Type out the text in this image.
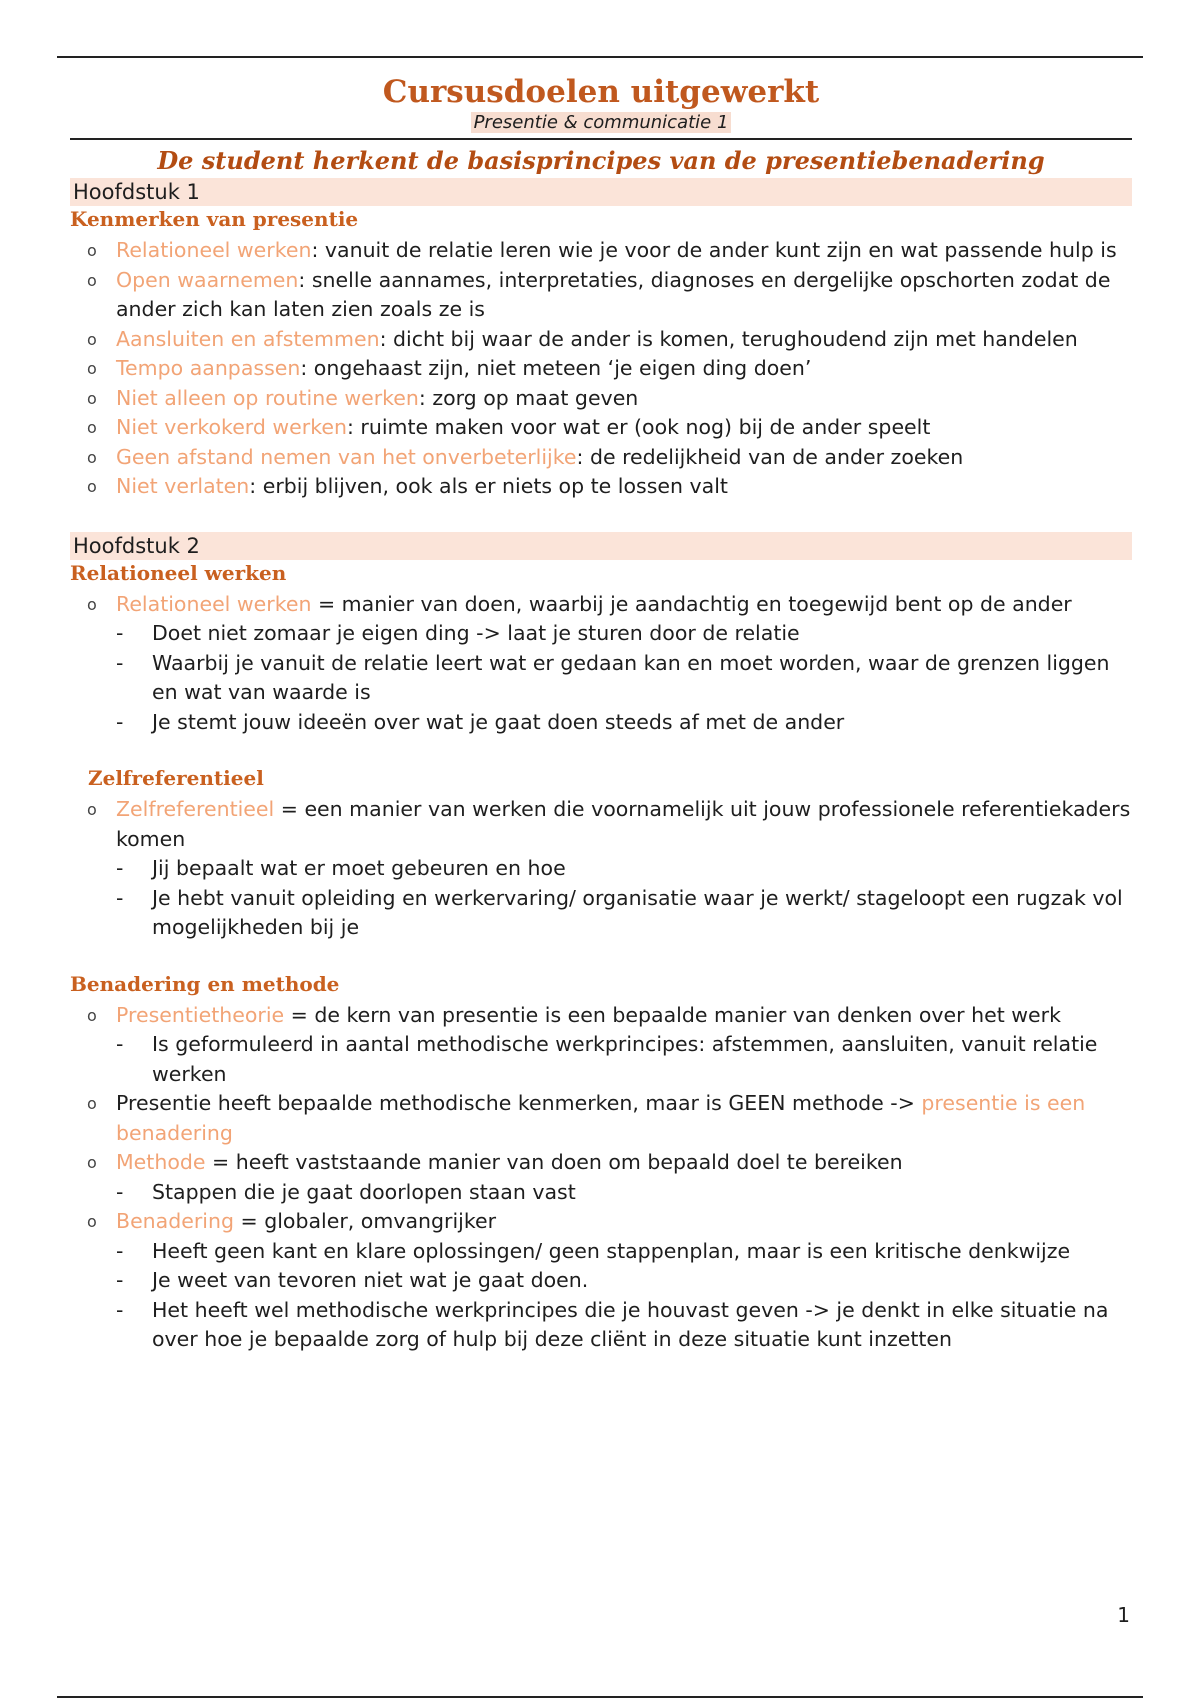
Cursusdoelen uitgewerkt

Presentie & communicatie 1

De student herkent de basisprincipes van de presentiebenadering

Hoofdstuk 1

Kenmerken van presentie

o Relationeel werken: vanuit de relatie leren wie je voor de ander kunt zijn en wat passende hulp is
o Open waarnemen: snelle aannames, interpretaties, diagnoses en dergelijke opschorten zodat de ander zich kan laten zien zoals ze is
o Aansluiten en afstemmen: dicht bij waar de ander is komen, terughoudend zijn met handelen
o Tempo aanpassen: ongehaast zijn, niet meteen ‘je eigen ding doen’
o Niet alleen op routine werken: zorg op maat geven
o Niet verkokerd werken: ruimte maken voor wat er (ook nog) bij de ander speelt
o Geen afstand nemen van het onverbeterlijke: de redelijkheid van de ander zoeken
o Niet verlaten: erbij blijven, ook als er niets op te lossen valt

Hoofdstuk 2

Relationeel werken

o Relationeel werken = manier van doen, waarbij je aandachtig en toegewijd bent op de ander
- Doet niet zomaar je eigen ding -> laat je sturen door de relatie
- Waarbij je vanuit de relatie leert wat er gedaan kan en moet worden, waar de grenzen liggen en wat van waarde is
- Je stemt jouw ideeën over wat je gaat doen steeds af met de ander

Zelfreferentieel

o Zelfreferentieel = een manier van werken die voornamelijk uit jouw professionele referentiekaders komen
- Jij bepaalt wat er moet gebeuren en hoe
- Je hebt vanuit opleiding en werkervaring/ organisatie waar je werkt/ stageloopt een rugzak vol mogelijkheden bij je

Benadering en methode

o Presentietheorie = de kern van presentie is een bepaalde manier van denken over het werk
- Is geformuleerd in aantal methodische werkprincipes: afstemmen, aansluiten, vanuit relatie werken
o Presentie heeft bepaalde methodische kenmerken, maar is GEEN methode -> presentie is een benadering
o Methode = heeft vaststaande manier van doen om bepaald doel te bereiken
- Stappen die je gaat doorlopen staan vast
o Benadering = globaler, omvangrijker
- Heeft geen kant en klare oplossingen/ geen stappenplan, maar is een kritische denkwijze
- Je weet van tevoren niet wat je gaat doen.
- Het heeft wel methodische werkprincipes die je houvast geven -> je denkt in elke situatie na over hoe je bepaalde zorg of hulp bij deze cliënt in deze situatie kunt inzetten
1
